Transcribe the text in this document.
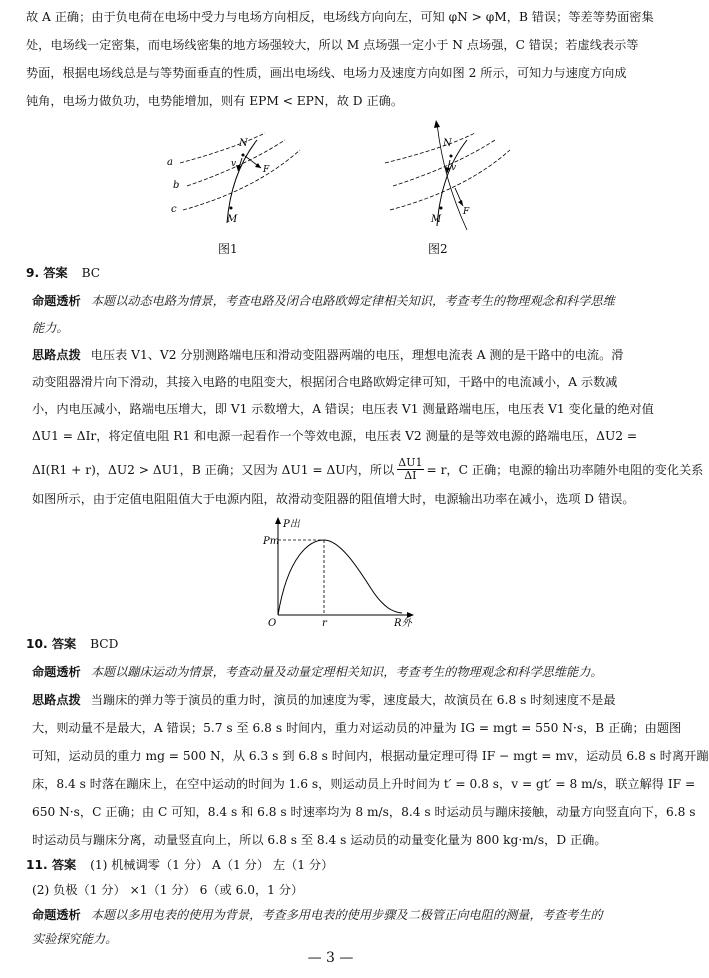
故 A 正确；由于负电荷在电场中受力与电场方向相反，电场线方向向左，可知 φN > φM，B 错误；等差等势面密集
处，电场线一定密集，而电场线密集的地方场强较大，所以 M 点场强一定小于 N 点场强，C 错误；若虚线表示等
势面，根据电场线总是与等势面垂直的性质，画出电场线、电场力及速度方向如图 2 所示，可知力与速度方向成
钝角，电场力做负功，电势能增加，则有 EPM < EPN，故 D 正确。
a
b
c
N
M
v
F
图1
N
M
v
F
图2
9. 答案 BC
命题透析 本题以动态电路为情景，考查电路及闭合电路欧姆定律相关知识，考查考生的物理观念和科学思维
能力。
思路点拨 电压表 V1、V2 分别测路端电压和滑动变阻器两端的电压，理想电流表 A 测的是干路中的电流。滑
动变阻器滑片向下滑动，其接入电路的电阻变大，根据闭合电路欧姆定律可知，干路中的电流减小，A 示数减
小，内电压减小，路端电压增大，即 V1 示数增大，A 错误；电压表 V1 测量路端电压，电压表 V1 变化量的绝对值
ΔU1 = ΔIr，将定值电阻 R1 和电源一起看作一个等效电源，电压表 V2 测量的是等效电源的路端电压，ΔU2 =
ΔI(R1 + r)，ΔU2 > ΔU1，B 正确；又因为 ΔU1 = ΔU内，所以 $\frac{\Delta U1}{\Delta I} = r$，C 正确；电源的输出功率随外电阻的变化关系
如图所示，由于定值电阻阻值大于电源内阻，故滑动变阻器的阻值增大时，电源输出功率在减小，选项 D 错误。
P出
Pm
O	r	R外
10. 答案 BCD
命题透析 本题以蹦床运动为情景，考查动量及动量定理相关知识，考查考生的物理观念和科学思维能力。
思路点拨 当蹦床的弹力等于演员的重力时，演员的加速度为零，速度最大，故演员在 6.8 s 时刻速度不是最
大，则动量不是最大，A 错误；5.7 s 至 6.8 s 时间内，重力对运动员的冲量为 IG = mgt = 550 N·s，B 正确；由题图
可知，运动员的重力 mg = 500 N，从 6.3 s 到 6.8 s 时间内，根据动量定理可得 IF − mgt = mv，运动员 6.8 s 时离开蹦
床，8.4 s 时落在蹦床上，在空中运动的时间为 1.6 s，则运动员上升时间为 t′ = 0.8 s，v = gt′ = 8 m/s，联立解得 IF =
650 N·s，C 正确；由 C 可知，8.4 s 和 6.8 s 时速率均为 8 m/s，8.4 s 时运动员与蹦床接触，动量方向竖直向下，6.8 s
时运动员与蹦床分离，动量竖直向上，所以 6.8 s 至 8.4 s 运动员的动量变化量为 800 kg·m/s，D 正确。
11. 答案 (1) 机械调零（1 分） A（1 分） 左（1 分）
(2) 负极（1 分） ×1（1 分） 6（或 6.0，1 分）
命题透析 本题以多用电表的使用为背景，考查多用电表的使用步骤及二极管正向电阻的测量，考查考生的
实验探究能力。
— 3 —
